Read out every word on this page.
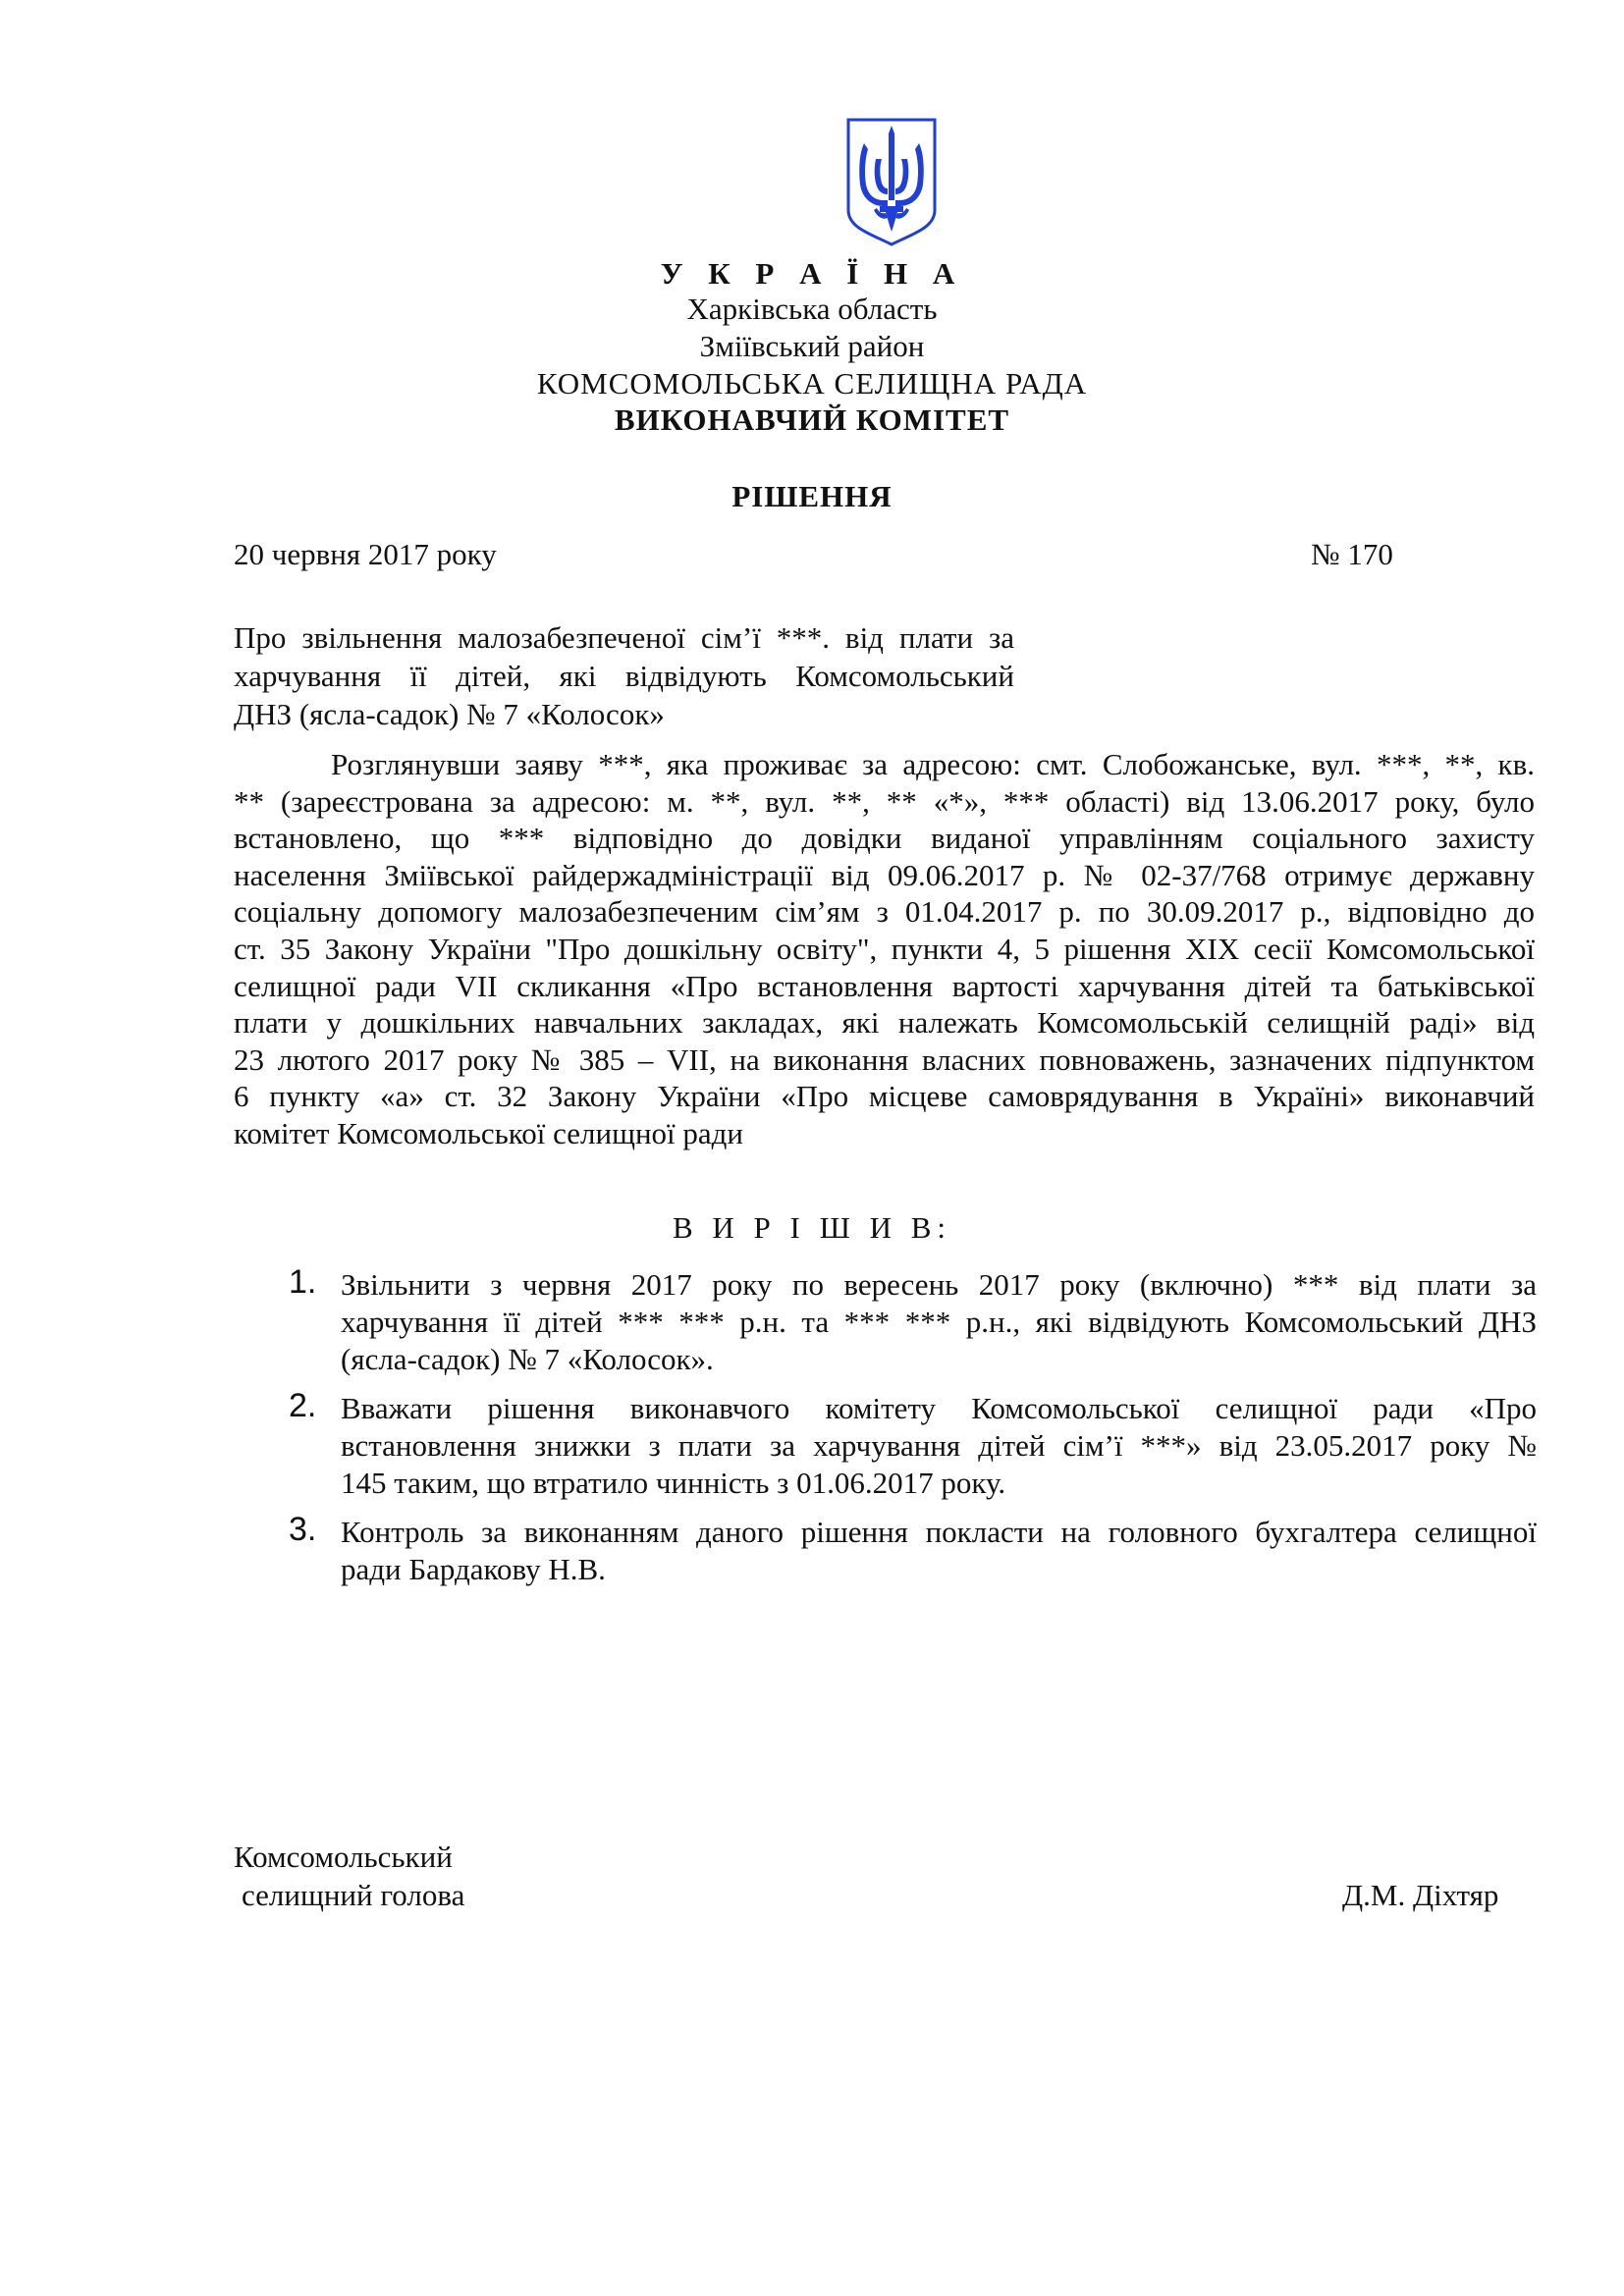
У К Р А Ї Н А
Харківська область
Зміївський район
КОМСОМОЛЬСЬКА СЕЛИЩНА РАДА
ВИКОНАВЧИЙ КОМІТЕТ
РІШЕННЯ
20 червня 2017 року	№ 170
Про звільнення малозабезпеченої сім’ї ***. від плати за
харчування її дітей, які відвідують Комсомольський
ДНЗ (ясла-садок) № 7 «Колосок»
Розглянувши заяву ***, яка проживає за адресою: смт. Слобожанське, вул. ***, **, кв.
** (зареєстрована за адресою: м. **, вул. **, ** «*», *** області) від 13.06.2017 року, було
встановлено, що *** відповідно до довідки виданої управлінням соціального захисту
населення Зміївської райдержадміністрації від 09.06.2017 р. № 02-37/768 отримує державну
соціальну допомогу малозабезпеченим сім’ям з 01.04.2017 р. по 30.09.2017 р., відповідно до
ст. 35 Закону України "Про дошкільну освіту", пункти 4, 5 рішення XIX сесії Комсомольської
селищної ради VII скликання «Про встановлення вартості харчування дітей та батьківської
плати у дошкільних навчальних закладах, які належать Комсомольській селищній раді» від
23 лютого 2017 року № 385 – VII, на виконання власних повноважень, зазначених підпунктом
6 пункту «а» ст. 32 Закону України «Про місцеве самоврядування в Україні» виконавчий
комітет Комсомольської селищної ради
В И Р І Ш И В:
1. Звільнити з червня 2017 року по вересень 2017 року (включно) *** від плати за
харчування її дітей *** *** р.н. та *** *** р.н., які відвідують Комсомольський ДНЗ
(ясла-садок) № 7 «Колосок».
2. Вважати рішення виконавчого комітету Комсомольської селищної ради «Про
встановлення знижки з плати за харчування дітей сім’ї ***» від 23.05.2017 року №
145 таким, що втратило чинність з 01.06.2017 року.
3. Контроль за виконанням даного рішення покласти на головного бухгалтера селищної
ради Бардакову Н.В.
Комсомольський
селищний голова	Д.М. Діхтяр
